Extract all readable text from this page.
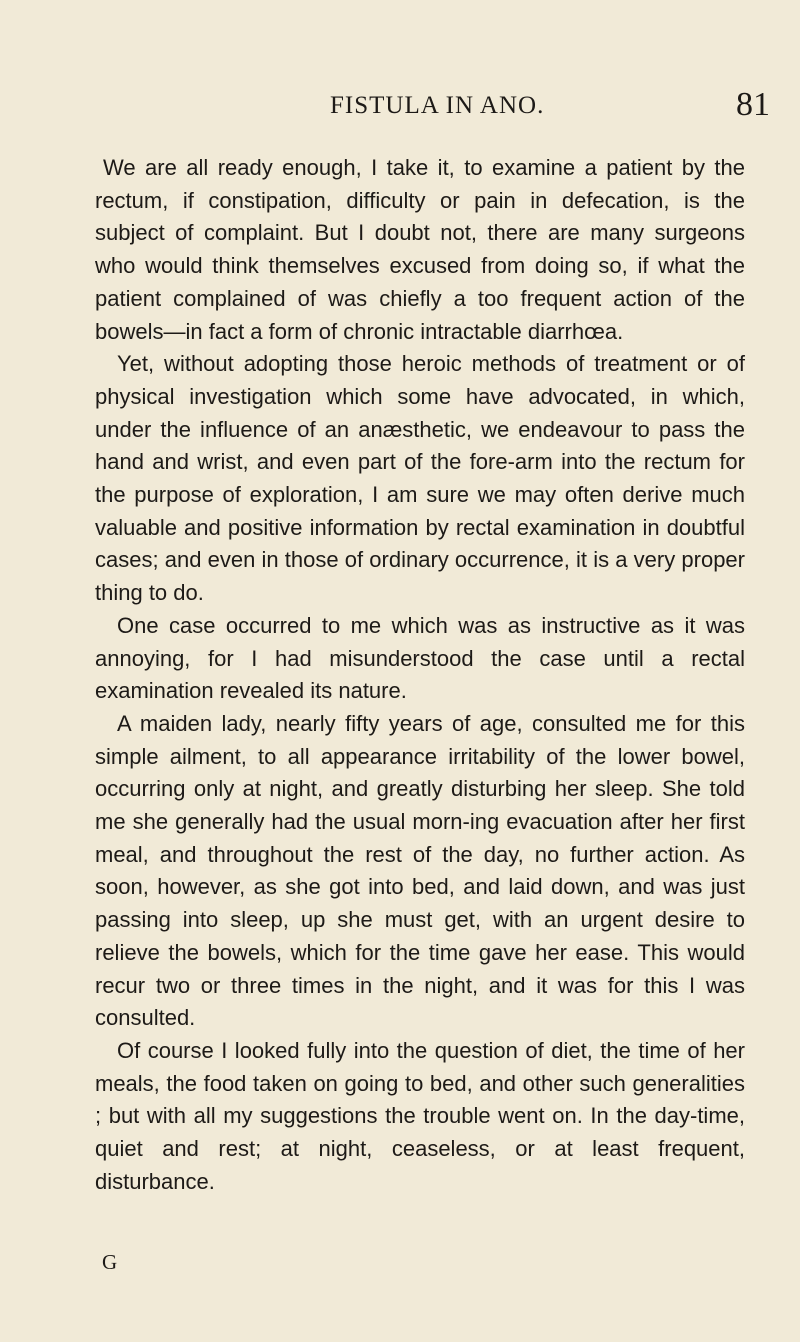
FISTULA IN ANO.	81

We are all ready enough, I take it, to examine a patient by the rectum, if constipation, difficulty or pain in defecation, is the subject of complaint. But I doubt not, there are many surgeons who would think themselves excused from doing so, if what the patient complained of was chiefly a too frequent action of the bowels—in fact a form of chronic intractable diarrhœa.

Yet, without adopting those heroic methods of treatment or of physical investigation which some have advocated, in which, under the influence of an anæsthetic, we endeavour to pass the hand and wrist, and even part of the fore-arm into the rectum for the purpose of exploration, I am sure we may often derive much valuable and positive information by rectal examination in doubtful cases; and even in those of ordinary occurrence, it is a very proper thing to do.

One case occurred to me which was as instructive as it was annoying, for I had misunderstood the case until a rectal examination revealed its nature.

A maiden lady, nearly fifty years of age, consulted me for this simple ailment, to all appearance irritability of the lower bowel, occurring only at night, and greatly disturbing her sleep. She told me she generally had the usual morn-ing evacuation after her first meal, and throughout the rest of the day, no further action. As soon, however, as she got into bed, and laid down, and was just passing into sleep, up she must get, with an urgent desire to relieve the bowels, which for the time gave her ease. This would recur two or three times in the night, and it was for this I was consulted.

Of course I looked fully into the question of diet, the time of her meals, the food taken on going to bed, and other such generalities ; but with all my suggestions the trouble went on. In the day-time, quiet and rest; at night, ceaseless, or at least frequent, disturbance.

G
